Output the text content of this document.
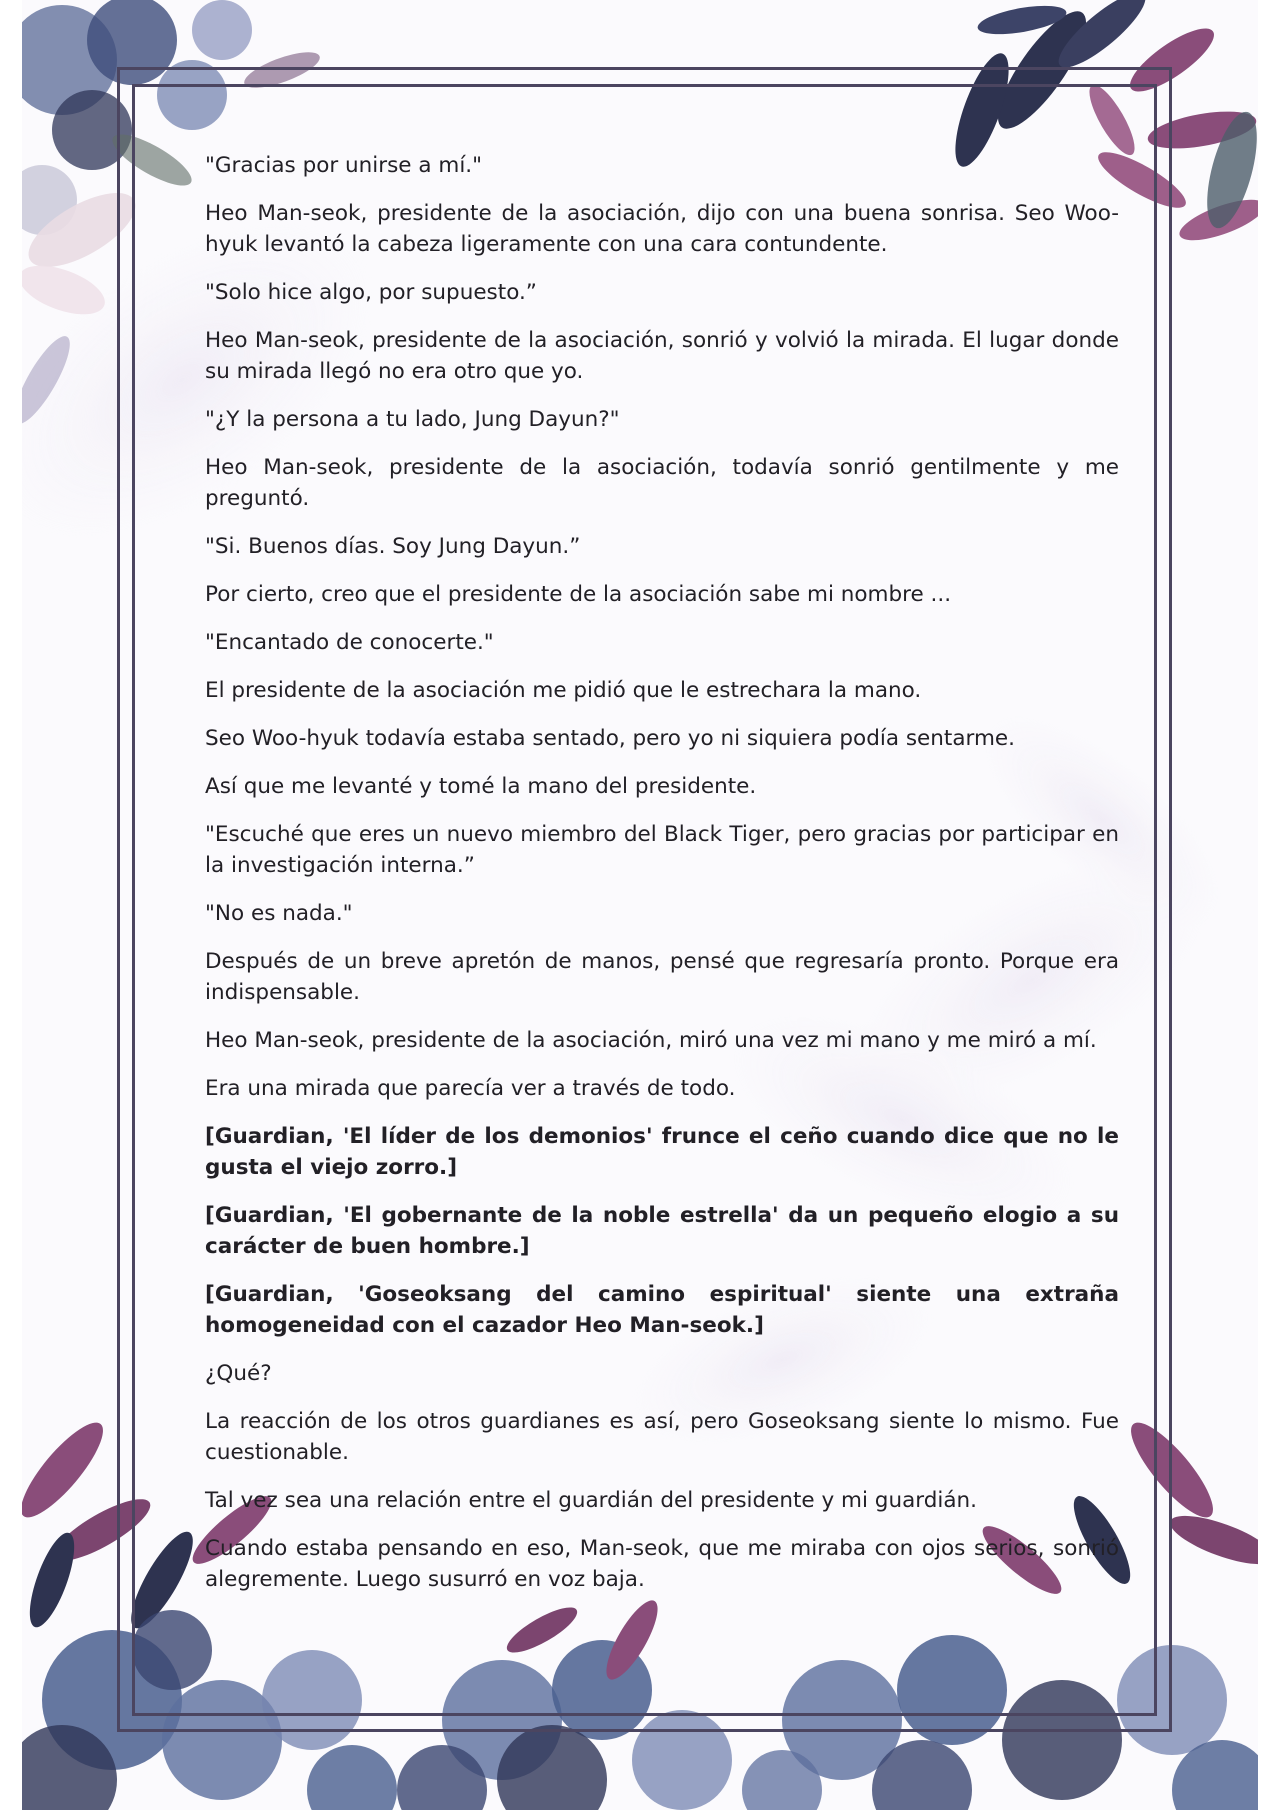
"Gracias por unirse a mí."

Heo Man-seok, presidente de la asociación, dijo con una buena sonrisa. Seo Woo-hyuk levantó la cabeza ligeramente con una cara contundente.

"Solo hice algo, por supuesto.”

Heo Man-seok, presidente de la asociación, sonrió y volvió la mirada. El lugar donde su mirada llegó no era otro que yo.

"¿Y la persona a tu lado, Jung Dayun?"

Heo Man-seok, presidente de la asociación, todavía sonrió gentilmente y me preguntó.

"Si. Buenos días. Soy Jung Dayun.”

Por cierto, creo que el presidente de la asociación sabe mi nombre ...

"Encantado de conocerte."

El presidente de la asociación me pidió que le estrechara la mano.

Seo Woo-hyuk todavía estaba sentado, pero yo ni siquiera podía sentarme.

Así que me levanté y tomé la mano del presidente.

"Escuché que eres un nuevo miembro del Black Tiger, pero gracias por participar en la investigación interna.”

"No es nada."

Después de un breve apretón de manos, pensé que regresaría pronto. Porque era indispensable.

Heo Man-seok, presidente de la asociación, miró una vez mi mano y me miró a mí.

Era una mirada que parecía ver a través de todo.

[Guardian, 'El líder de los demonios' frunce el ceño cuando dice que no le gusta el viejo zorro.]

[Guardian, 'El gobernante de la noble estrella' da un pequeño elogio a su carácter de buen hombre.]

[Guardian, 'Goseoksang del camino espiritual' siente una extraña homogeneidad con el cazador Heo Man-seok.]

¿Qué?

La reacción de los otros guardianes es así, pero Goseoksang siente lo mismo. Fue cuestionable.

Tal vez sea una relación entre el guardián del presidente y mi guardián.

Cuando estaba pensando en eso, Man-seok, que me miraba con ojos serios, sonrió alegremente. Luego susurró en voz baja.
